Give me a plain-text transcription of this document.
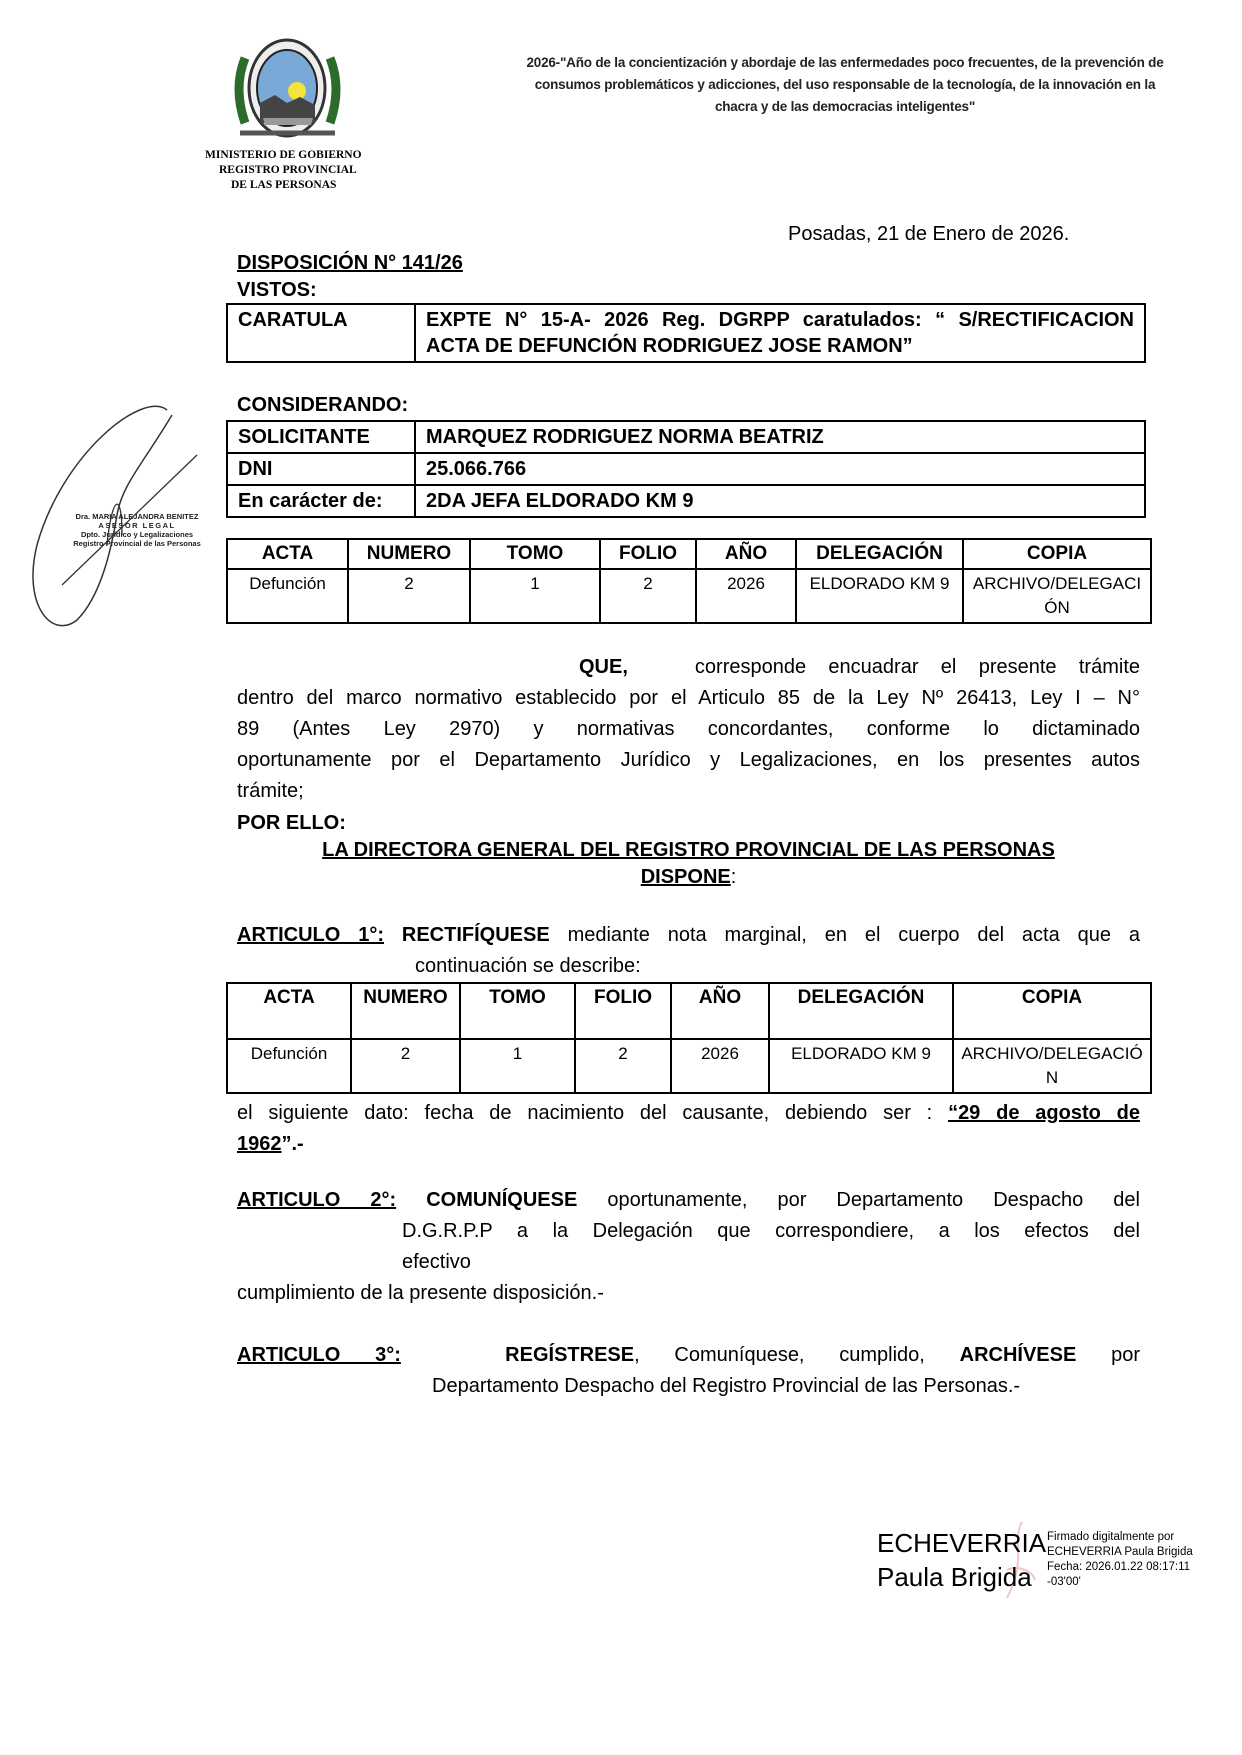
MINISTERIO DE GOBIERNO
REGISTRO PROVINCIAL
DE LAS PERSONAS
2026-"Año de la concientización y abordaje de las enfermedades poco frecuentes, de la prevención de
consumos problemáticos y adicciones, del uso responsable de la tecnología, de la innovación en la
chacra y de las democracias inteligentes"
Posadas, 21 de Enero de 2026.
DISPOSICIÓN N° 141/26
VISTOS:
CARATULA	EXPTE N° 15-A- 2026 Reg. DGRPP caratulados: “ S/RECTIFICACION
ACTA DE DEFUNCIÓN RODRIGUEZ JOSE RAMON”
CONSIDERANDO:
SOLICITANTE	MARQUEZ RODRIGUEZ NORMA BEATRIZ
DNI	25.066.766
En carácter de:	2DA JEFA ELDORADO KM 9
ACTA	NUMERO	TOMO	FOLIO	AÑO	DELEGACIÓN	COPIA
Defunción	2	1	2	2026	ELDORADO KM 9	ARCHIVO/DELEGACIÓN
QUE,	corresponde encuadrar el presente trámite
dentro del marco normativo establecido por el Articulo 85 de la Ley Nº 26413, Ley I – N°
89 (Antes Ley 2970) y normativas concordantes, conforme lo dictaminado
oportunamente por el Departamento Jurídico y Legalizaciones, en los presentes autos
trámite;
POR ELLO:
LA DIRECTORA GENERAL DEL REGISTRO PROVINCIAL DE LAS PERSONAS
DISPONE:
ARTICULO 1°: RECTIFÍQUESE mediante nota marginal, en el cuerpo del acta que a
continuación se describe:
ACTA	NUMERO	TOMO	FOLIO	AÑO	DELEGACIÓN	COPIA
Defunción	2	1	2	2026	ELDORADO KM 9	ARCHIVO/DELEGACIÓN
el siguiente dato: fecha de nacimiento del causante, debiendo ser : “29 de agosto de
1962”.-
ARTICULO 2°: COMUNÍQUESE oportunamente, por Departamento Despacho del
D.G.R.P.P a la Delegación que correspondiere, a los efectos del
efectivo
cumplimiento de la presente disposición.-
ARTICULO 3°:	REGÍSTRESE, Comuníquese, cumplido, ARCHÍVESE por
Departamento Despacho del Registro Provincial de las Personas.-
Dra. MARIA ALEJANDRA BENITEZ
ASESOR LEGAL
Dpto. Jurídico y Legalizaciones
Registro Provincial de las Personas
ECHEVERRIA
Paula Brigida
Firmado digitalmente por
ECHEVERRIA Paula Brigida
Fecha: 2026.01.22 08:17:11
-03'00'
